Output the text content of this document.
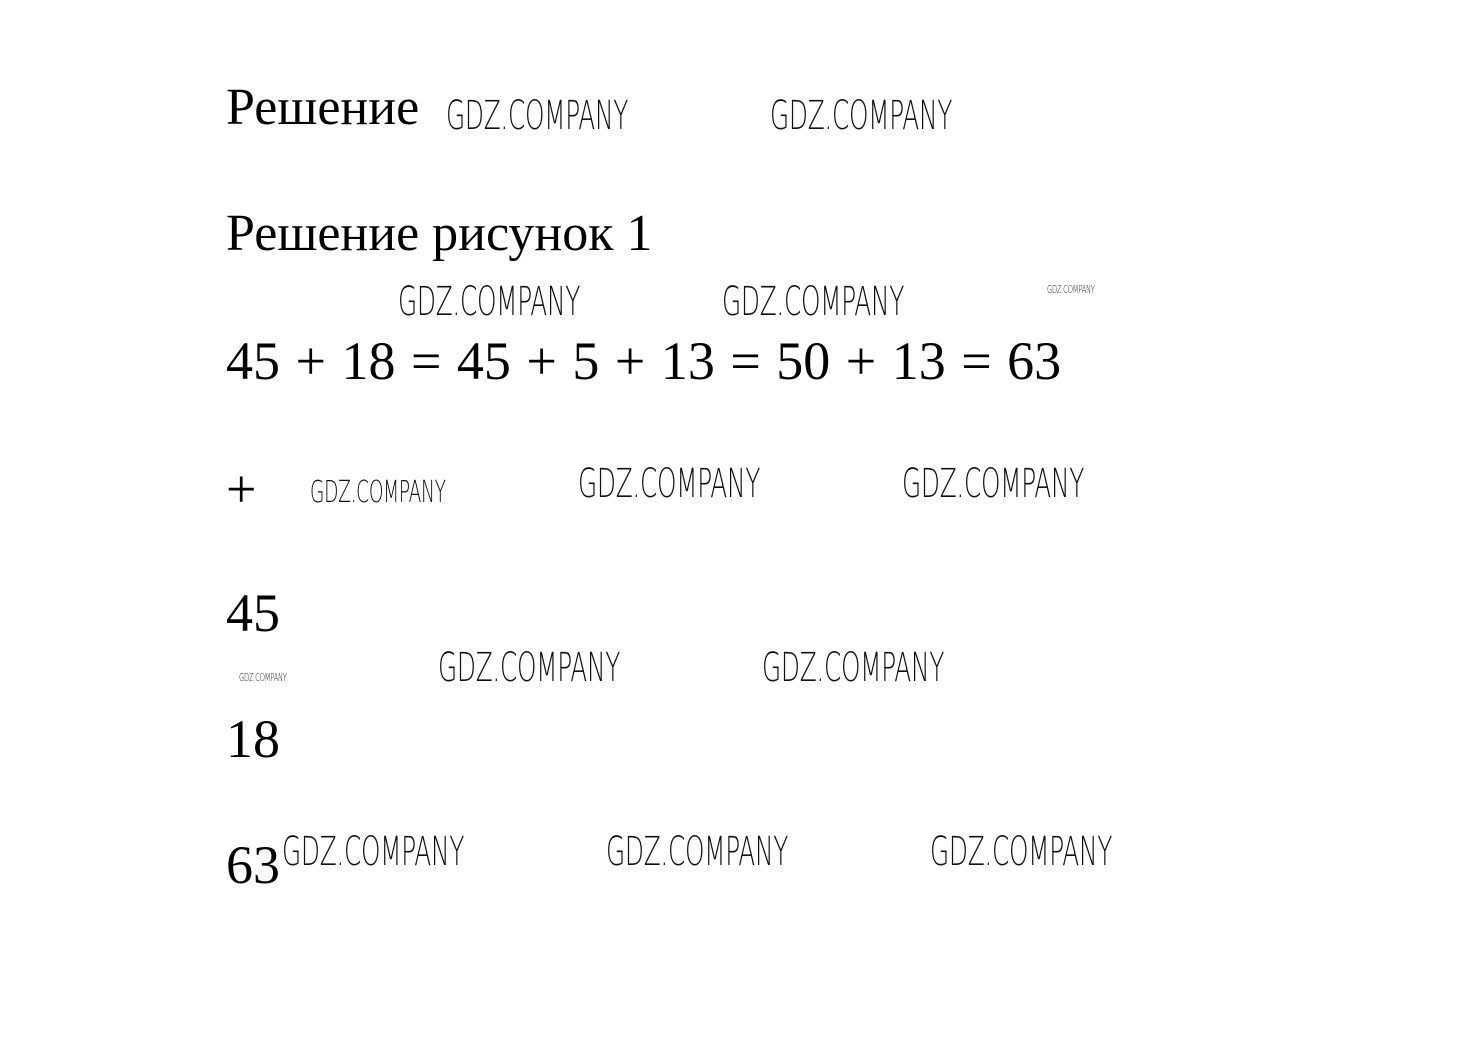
Решение
Решение рисунок 1
45 + 18 = 45 + 5 + 13 = 50 + 13 = 63
+
45
18
63
GDZ.COMPANY	GDZ.COMPANY
GDZ.COMPANY	GDZ.COMPANY	GDZ.COMPANY
GDZ.COMPANY	GDZ.COMPANY	GDZ.COMPANY
GDZ.COMPANY	GDZ.COMPANY	GDZ.COMPANY
GDZ.COMPANY	GDZ.COMPANY	GDZ.COMPANY
